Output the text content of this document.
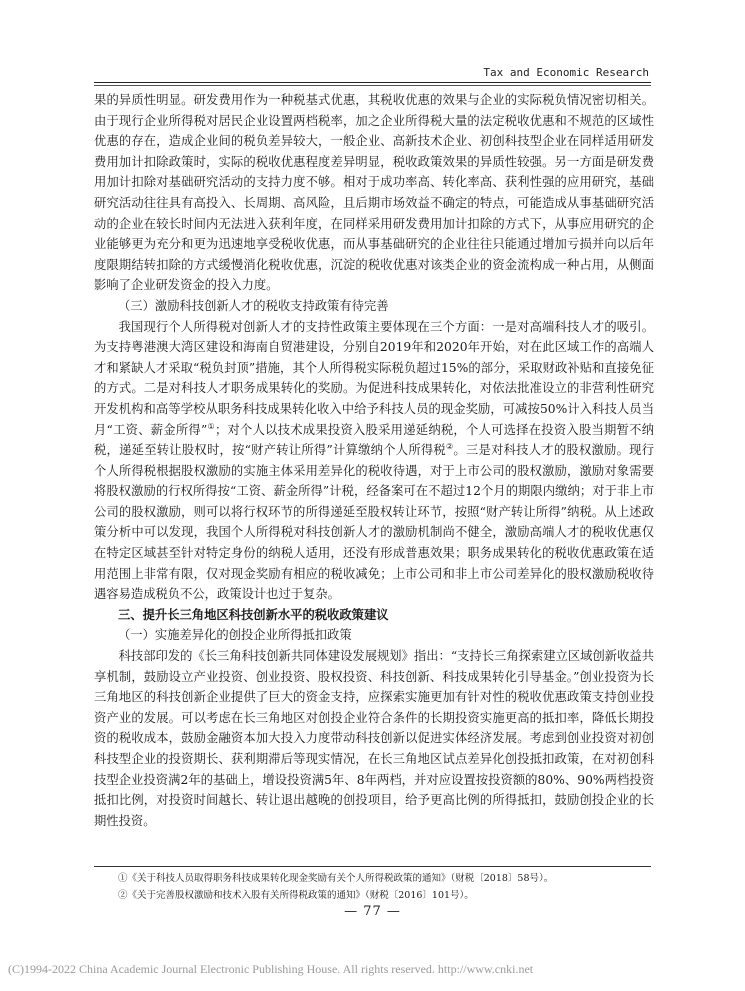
Tax and Economic Research

果的异质性明显。研发费用作为一种税基式优惠，其税收优惠的效果与企业的实际税负情况密切相关。由于现行企业所得税对居民企业设置两档税率，加之企业所得税大量的法定税收优惠和不规范的区域性优惠的存在，造成企业间的税负差异较大，一般企业、高新技术企业、初创科技型企业在同样适用研发费用加计扣除政策时，实际的税收优惠程度差异明显，税收政策效果的异质性较强。另一方面是研发费用加计扣除对基础研究活动的支持力度不够。相对于成功率高、转化率高、获利性强的应用研究，基础研究活动往往具有高投入、长周期、高风险，且后期市场效益不确定的特点，可能造成从事基础研究活动的企业在较长时间内无法进入获利年度，在同样采用研发费用加计扣除的方式下，从事应用研究的企业能够更为充分和更为迅速地享受税收优惠，而从事基础研究的企业往往只能通过增加亏损并向以后年度限期结转扣除的方式缓慢消化税收优惠，沉淀的税收优惠对该类企业的资金流构成一种占用，从侧面影响了企业研发资金的投入力度。

（三）激励科技创新人才的税收支持政策有待完善

我国现行个人所得税对创新人才的支持性政策主要体现在三个方面：一是对高端科技人才的吸引。为支持粤港澳大湾区建设和海南自贸港建设，分别自2019年和2020年开始，对在此区域工作的高端人才和紧缺人才采取“税负封顶”措施，其个人所得税实际税负超过15%的部分，采取财政补贴和直接免征的方式。二是对科技人才职务成果转化的奖励。为促进科技成果转化，对依法批准设立的非营利性研究开发机构和高等学校从职务科技成果转化收入中给予科技人员的现金奖励，可减按50%计入科技人员当月“工资、薪金所得”①；对个人以技术成果投资入股采用递延纳税，个人可选择在投资入股当期暂不纳税，递延至转让股权时，按“财产转让所得”计算缴纳个人所得税②。三是对科技人才的股权激励。现行个人所得税根据股权激励的实施主体采用差异化的税收待遇，对于上市公司的股权激励，激励对象需要将股权激励的行权所得按“工资、薪金所得”计税，经备案可在不超过12个月的期限内缴纳；对于非上市公司的股权激励，则可以将行权环节的所得递延至股权转让环节，按照“财产转让所得”纳税。从上述政策分析中可以发现，我国个人所得税对科技创新人才的激励机制尚不健全，激励高端人才的税收优惠仅在特定区域甚至针对特定身份的纳税人适用，还没有形成普惠效果；职务成果转化的税收优惠政策在适用范围上非常有限，仅对现金奖励有相应的税收减免；上市公司和非上市公司差异化的股权激励税收待遇容易造成税负不公，政策设计也过于复杂。

三、提升长三角地区科技创新水平的税收政策建议

（一）实施差异化的创投企业所得抵扣政策

科技部印发的《长三角科技创新共同体建设发展规划》指出：“支持长三角探索建立区域创新收益共享机制，鼓励设立产业投资、创业投资、股权投资、科技创新、科技成果转化引导基金。”创业投资为长三角地区的科技创新企业提供了巨大的资金支持，应探索实施更加有针对性的税收优惠政策支持创业投资产业的发展。可以考虑在长三角地区对创投企业符合条件的长期投资实施更高的抵扣率，降低长期投资的税收成本，鼓励金融资本加大投入力度带动科技创新以促进实体经济发展。考虑到创业投资对初创科技型企业的投资期长、获利期滞后等现实情况，在长三角地区试点差异化创投抵扣政策，在对初创科技型企业投资满2年的基础上，增设投资满5年、8年两档，并对应设置按投资额的80%、90%两档投资抵扣比例，对投资时间越长、转让退出越晚的创投项目，给予更高比例的所得抵扣，鼓励创投企业的长期性投资。

①《关于科技人员取得职务科技成果转化现金奖励有关个人所得税政策的通知》（财税〔2018〕58号）。
②《关于完善股权激励和技术入股有关所得税政策的通知》（财税〔2016〕101号）。
— 77 —
(C)1994-2022 China Academic Journal Electronic Publishing House. All rights reserved. http://www.cnki.net
